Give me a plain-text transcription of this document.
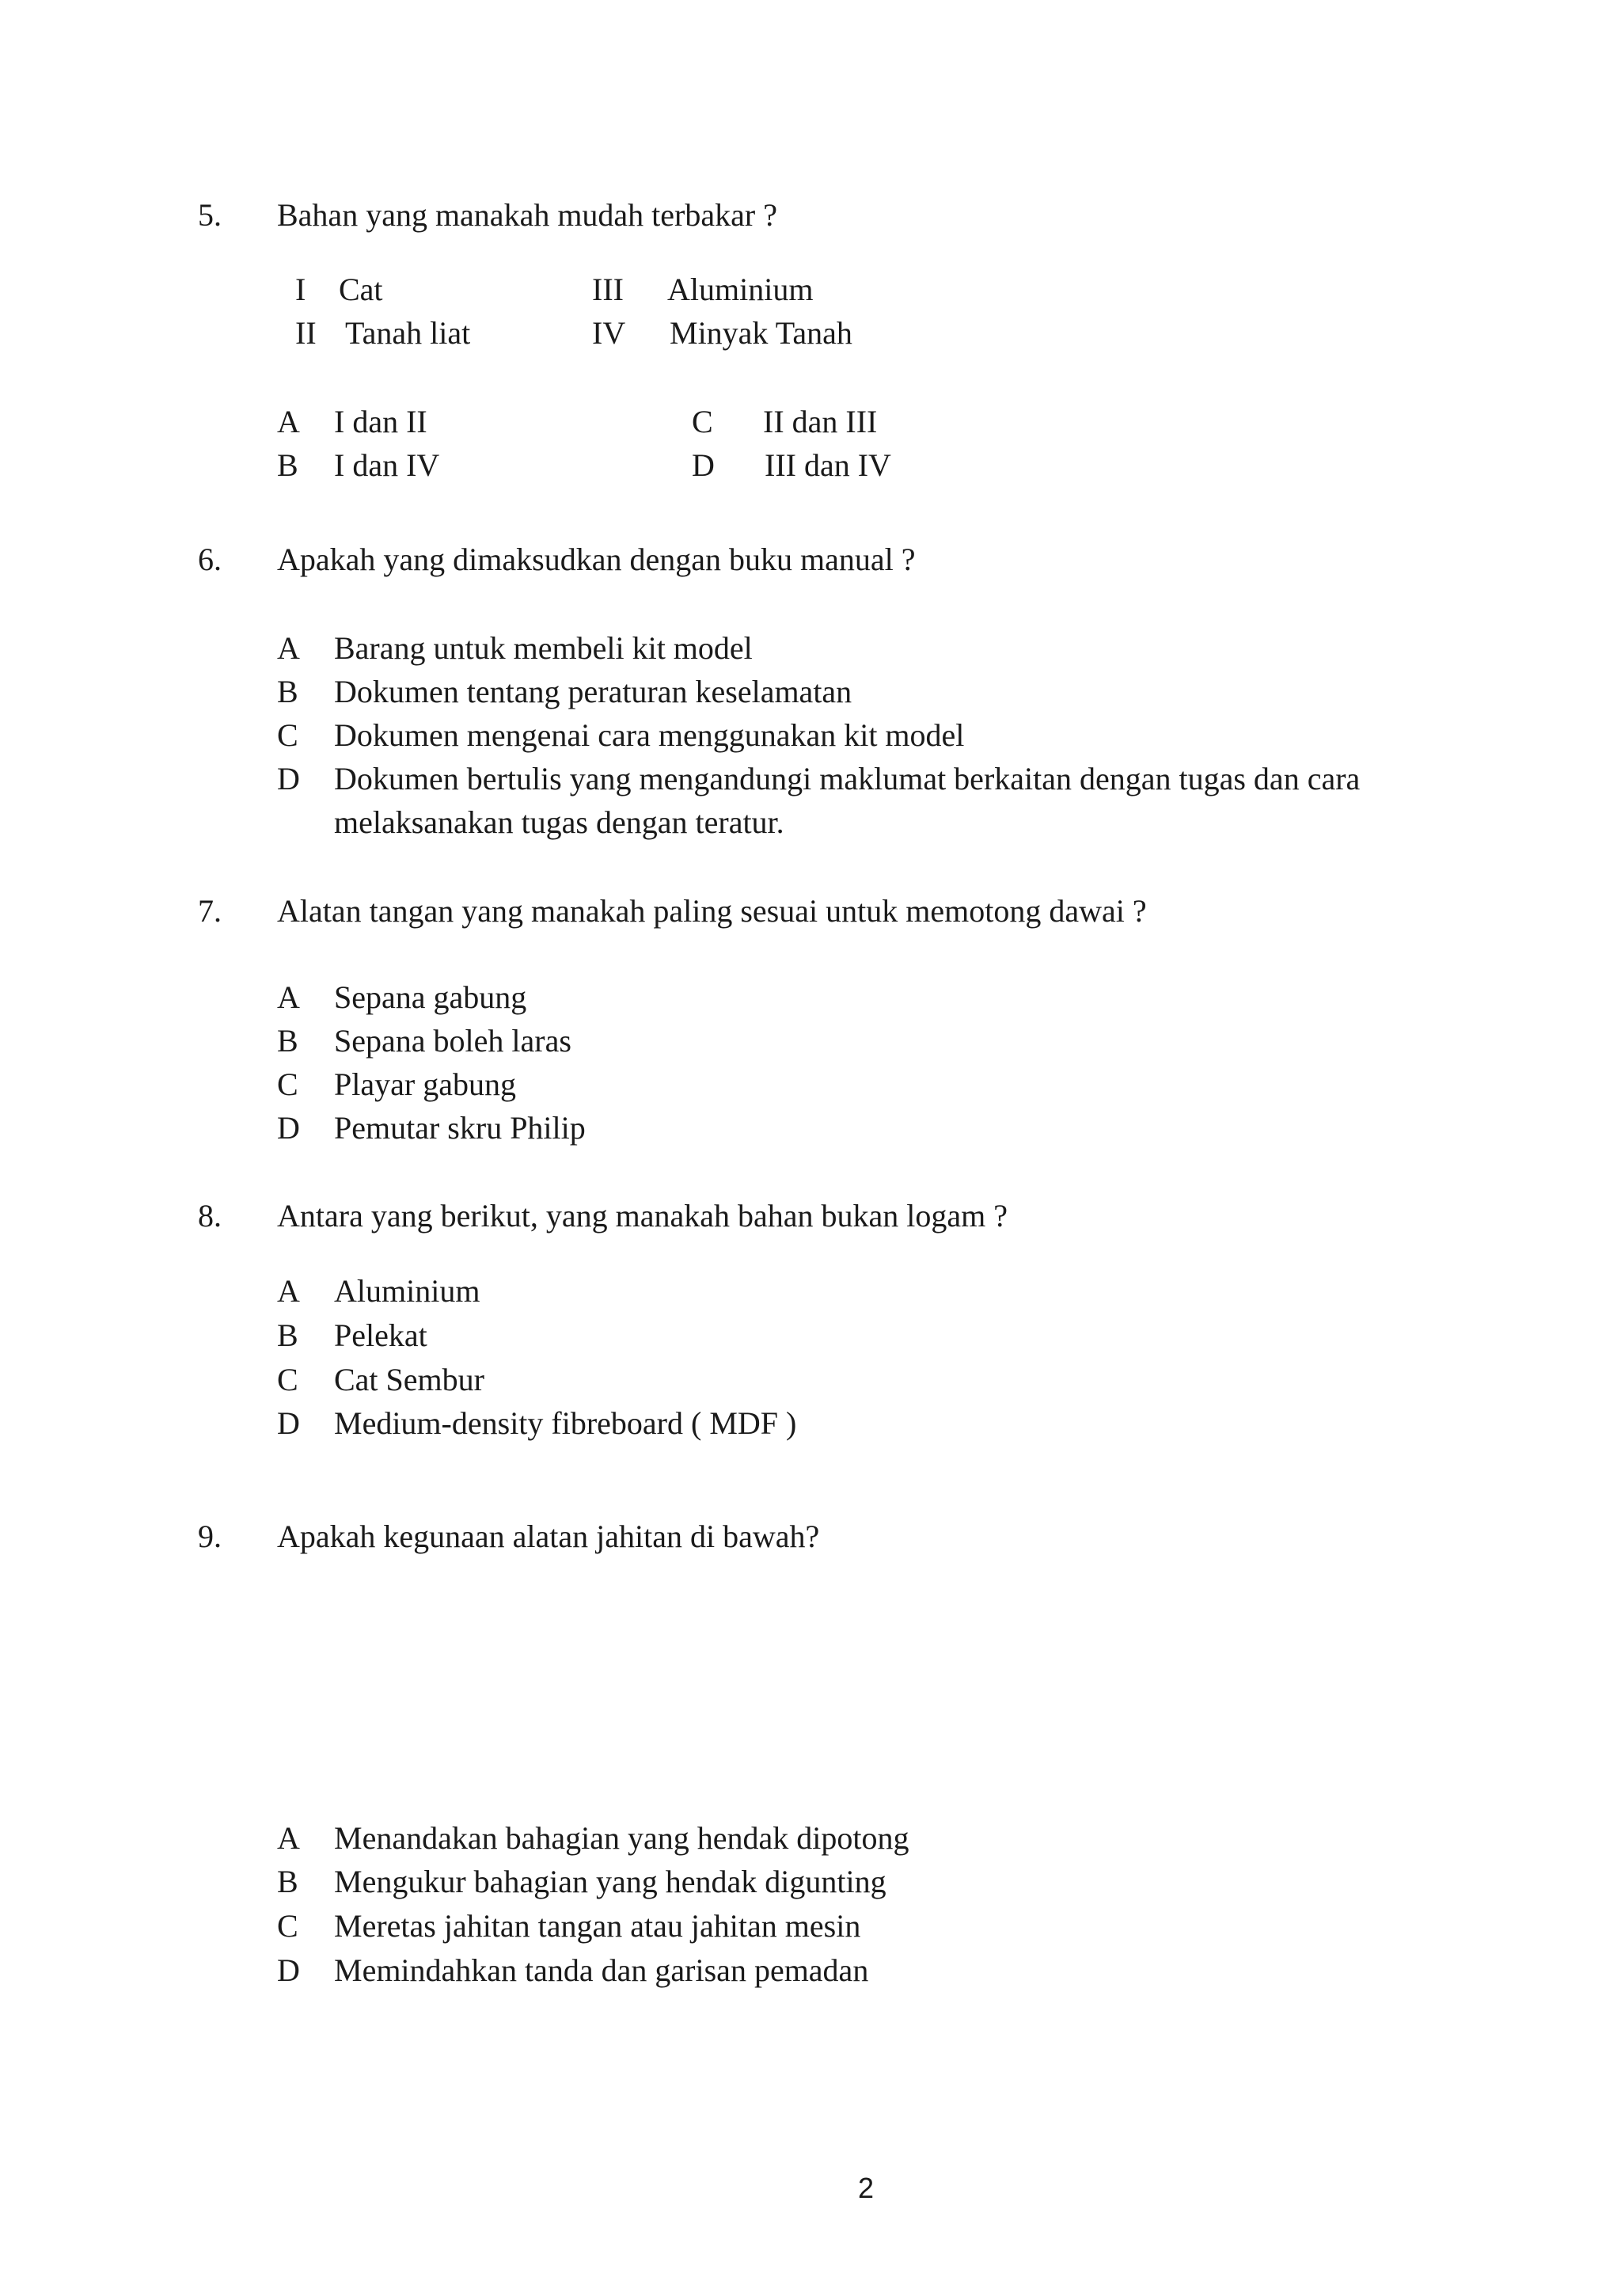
5. Bahan yang manakah mudah terbakar ?
I Cat
II Tanah liat
III Aluminium
IV Minyak Tanah
A I dan II
B I dan IV
C II dan III
D III dan IV
6. Apakah yang dimaksudkan dengan buku manual ?
A Barang untuk membeli kit model
B Dokumen tentang peraturan keselamatan
C Dokumen mengenai cara menggunakan kit model
D Dokumen bertulis yang mengandungi maklumat berkaitan dengan tugas dan cara
melaksanakan tugas dengan teratur.
7. Alatan tangan yang manakah paling sesuai untuk memotong dawai ?
A Sepana gabung
B Sepana boleh laras
C Playar gabung
D Pemutar skru Philip
8. Antara yang berikut, yang manakah bahan bukan logam ?
A Aluminium
B Pelekat
C Cat Sembur
D Medium-density fibreboard ( MDF )
9. Apakah kegunaan alatan jahitan di bawah?
A Menandakan bahagian yang hendak dipotong
B Mengukur bahagian yang hendak digunting
C Meretas jahitan tangan atau jahitan mesin
D Memindahkan tanda dan garisan pemadan
2
